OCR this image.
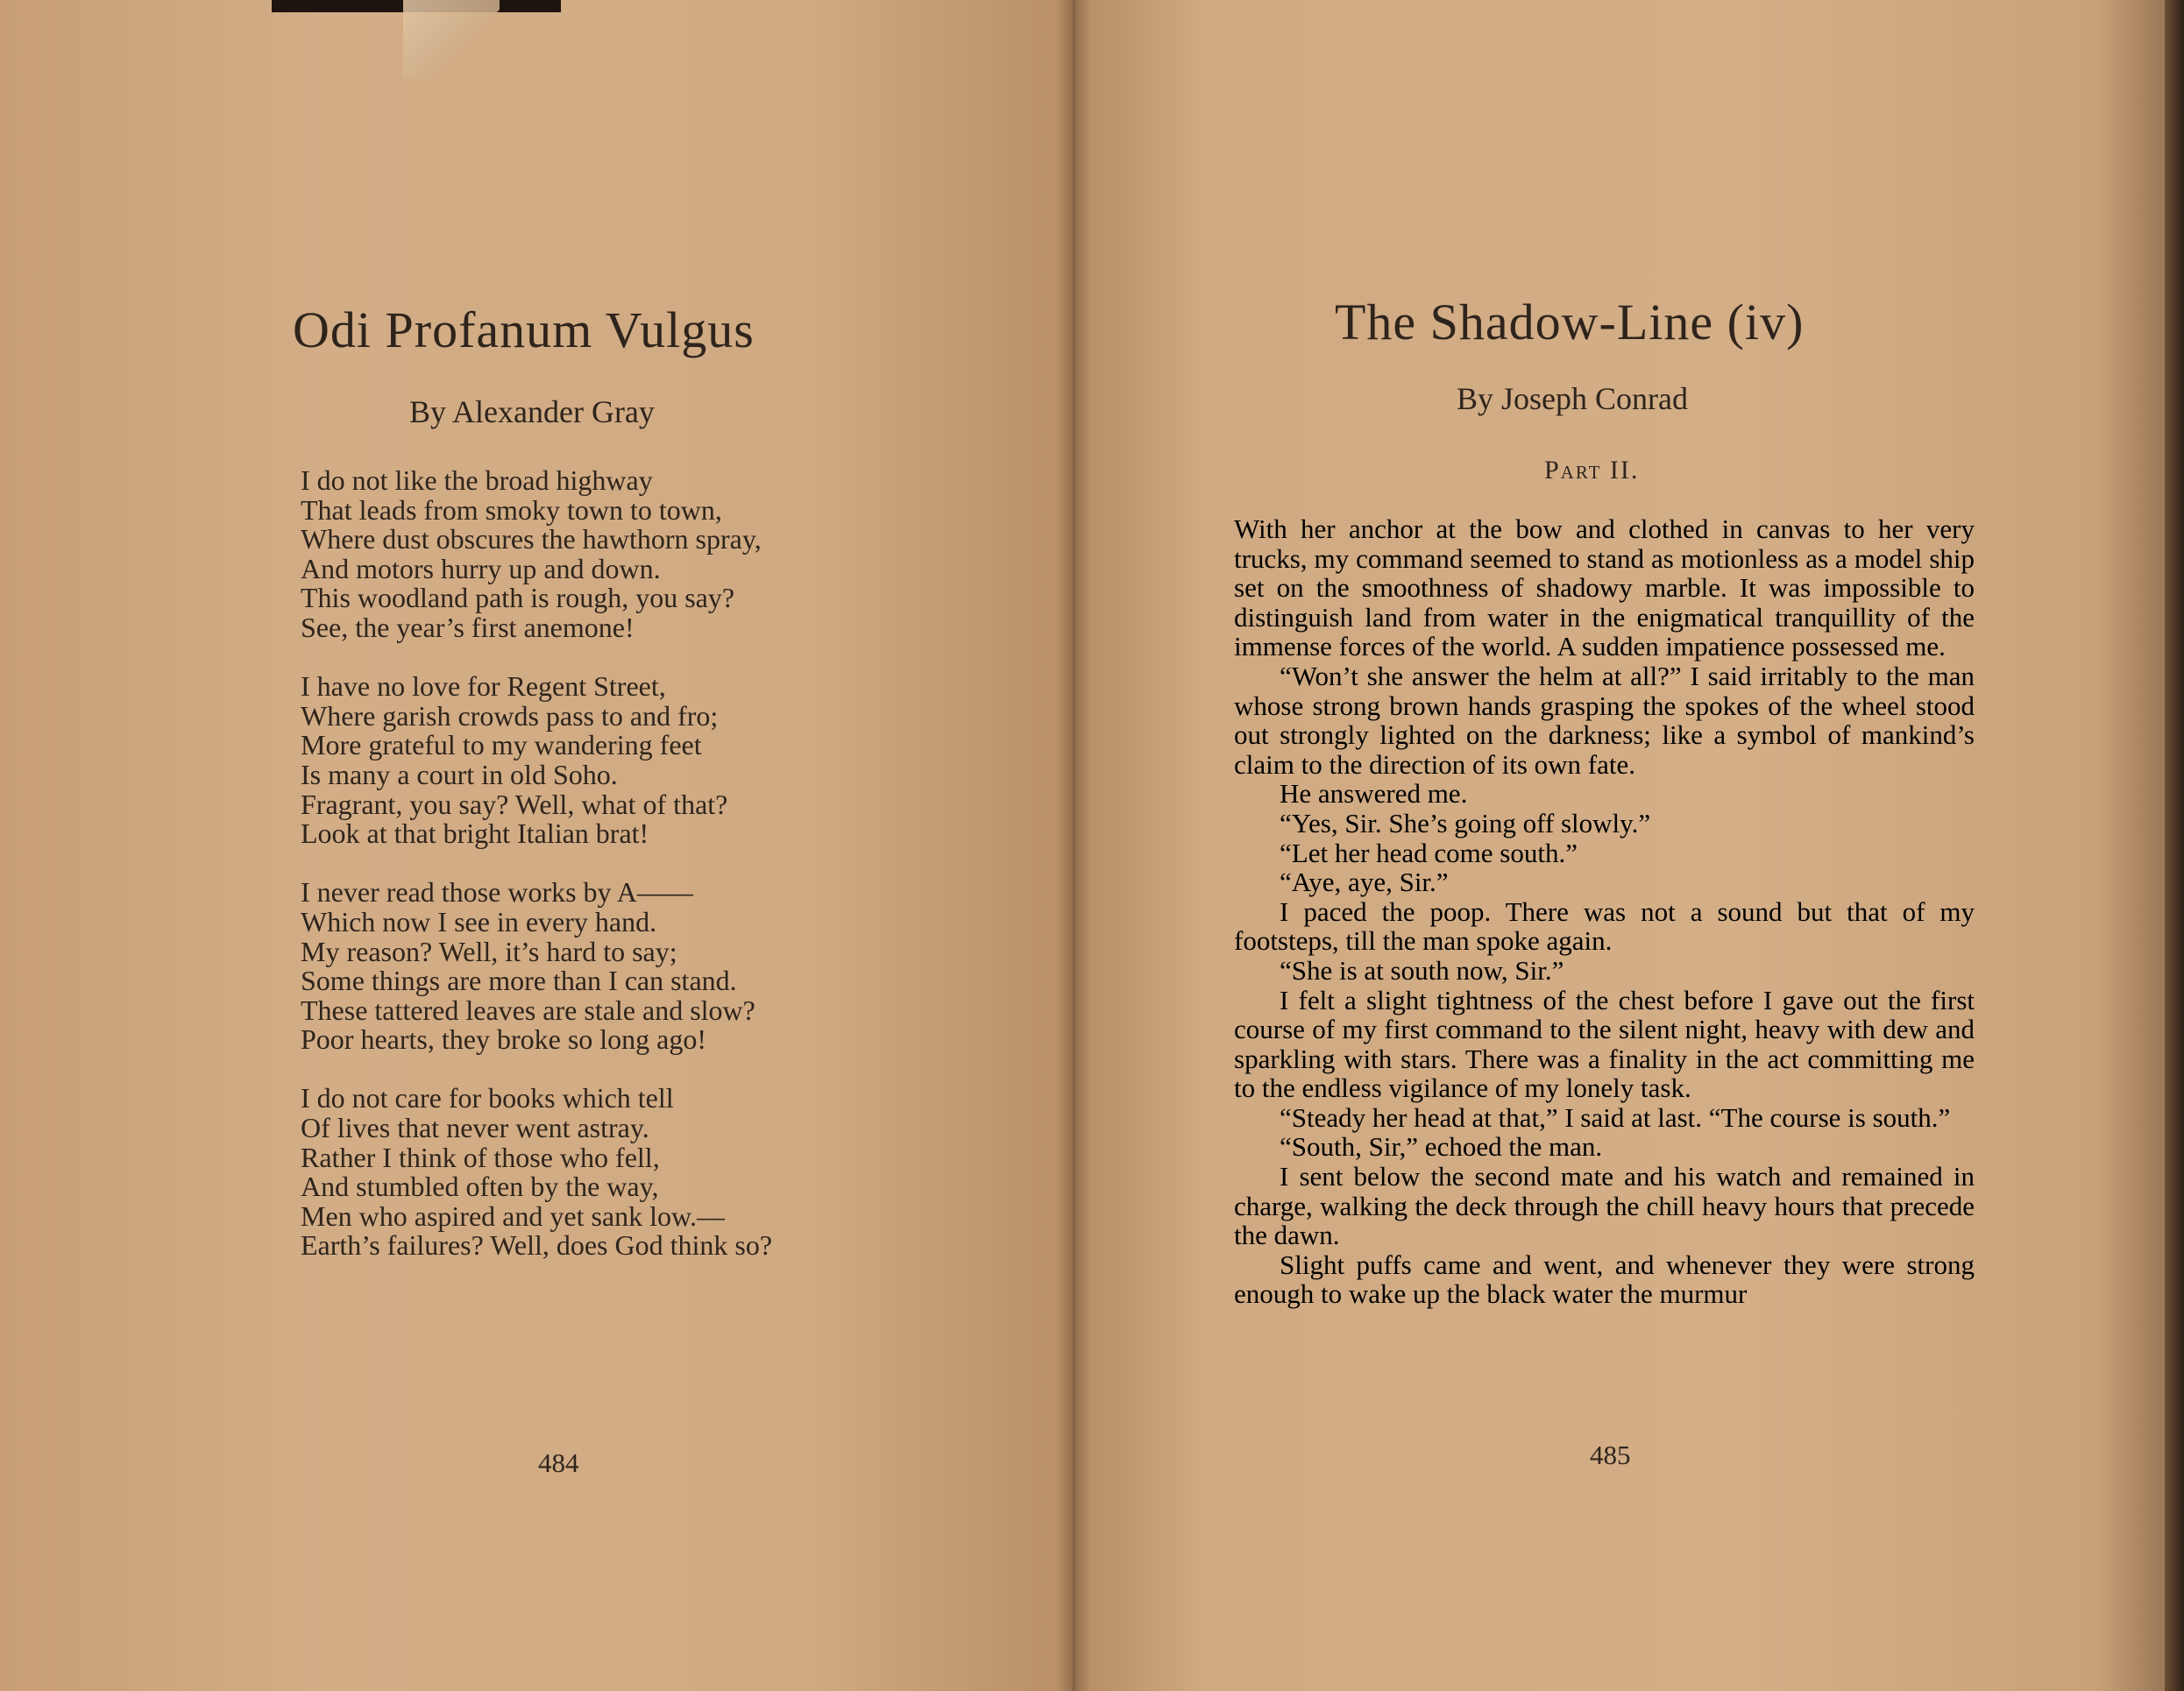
Odi Profanum Vulgus

By Alexander Gray

I do not like the broad highway
That leads from smoky town to town,
Where dust obscures the hawthorn spray,
And motors hurry up and down.
This woodland path is rough, you say?
See, the year’s first anemone!
I have no love for Regent Street,
Where garish crowds pass to and fro;
More grateful to my wandering feet
Is many a court in old Soho.
Fragrant, you say? Well, what of that?
Look at that bright Italian brat!
I never read those works by A——
Which now I see in every hand.
My reason? Well, it’s hard to say;
Some things are more than I can stand.
These tattered leaves are stale and slow?
Poor hearts, they broke so long ago!
I do not care for books which tell
Of lives that never went astray.
Rather I think of those who fell,
And stumbled often by the way,
Men who aspired and yet sank low.—
Earth’s failures? Well, does God think so?

484

The Shadow-Line (iv)

By Joseph Conrad

Part II.

485

With her anchor at the bow and clothed in canvas to her very trucks, my command seemed to stand as motionless as a model ship set on the smoothness of shadowy marble. It was impossible to distinguish land from water in the enigmatical tranquillity of the immense forces of the world. A sudden impatience possessed me.

“Won’t she answer the helm at all?” I said irritably to the man whose strong brown hands grasping the spokes of the wheel stood out strongly lighted on the darkness; like a symbol of mankind’s claim to the direction of its own fate.

He answered me.

“Yes, Sir. She’s going off slowly.”

“Let her head come south.”

“Aye, aye, Sir.”

I paced the poop. There was not a sound but that of my footsteps, till the man spoke again.

“She is at south now, Sir.”

I felt a slight tightness of the chest before I gave out the first course of my first command to the silent night, heavy with dew and sparkling with stars. There was a finality in the act committing me to the endless vigilance of my lonely task.

“Steady her head at that,” I said at last. “The course is south.”

“South, Sir,” echoed the man.

I sent below the second mate and his watch and remained in charge, walking the deck through the chill heavy hours that precede the dawn.

Slight puffs came and went, and whenever they were strong enough to wake up the black water the murmur
